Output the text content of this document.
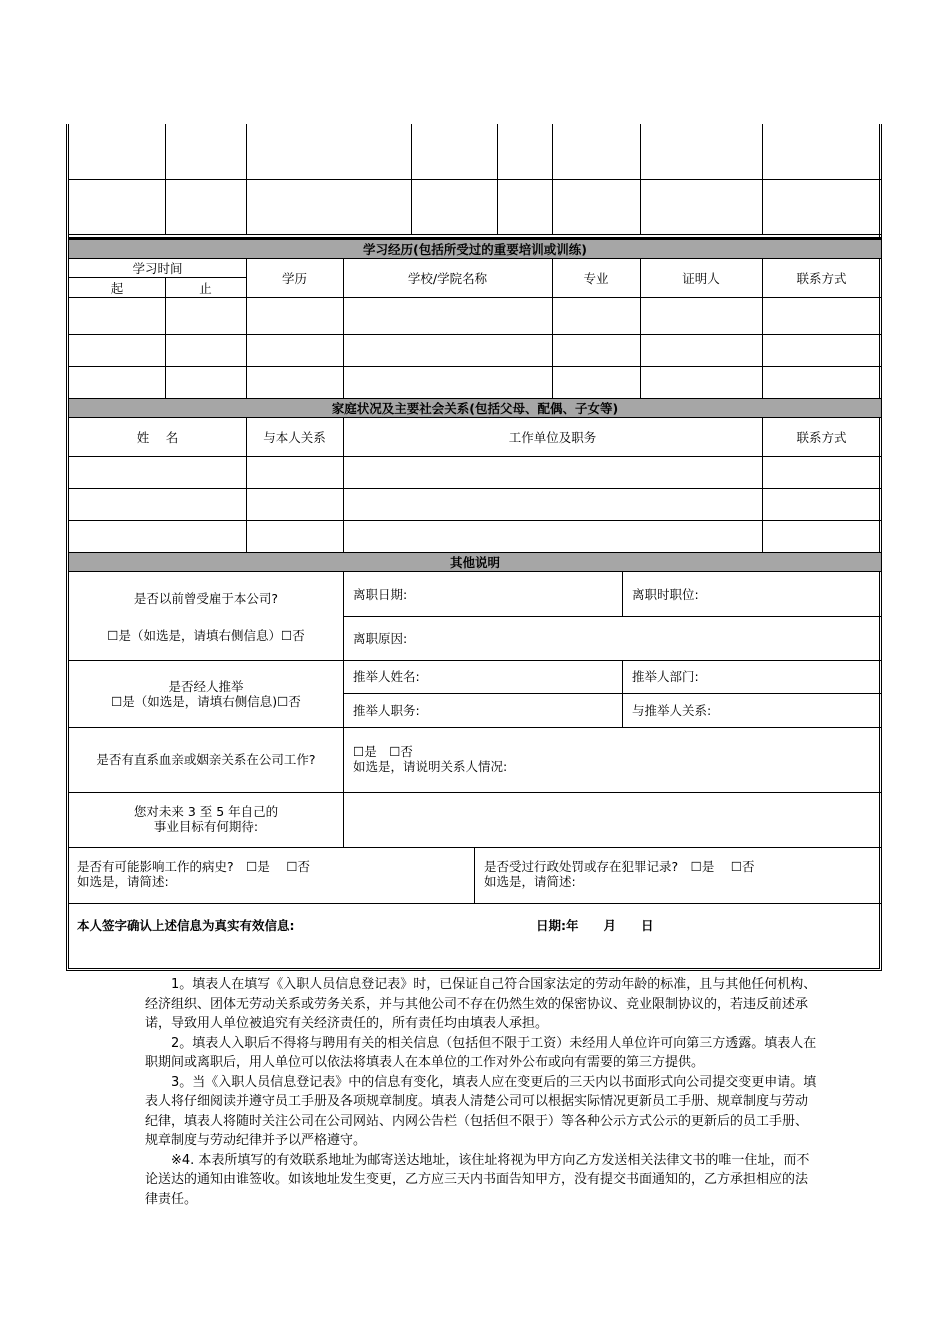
学习经历(包括所受过的重要培训或训练)
学习时间
起	止
学历	学校/学院名称	专业	证明人	联系方式
家庭状况及主要社会关系(包括父母、配偶、子女等)
姓　 名	与本人关系	工作单位及职务	联系方式
其他说明
是否以前曾受雇于本公司?
☐是（如选是，请填右侧信息）☐否
离职日期:	离职时职位:
离职原因:
是否经人推举
☐是（如选是，请填右侧信息)☐否
推举人姓名:	推举人部门:
推举人职务:	与推举人关系:
是否有直系血亲或姻亲关系在公司工作?
☐是　☐否
如选是，请说明关系人情况:
您对未来 3 至 5 年自己的
事业目标有何期待:
是否有可能影响工作的病史?　☐是　 ☐否
如选是，请简述:
是否受过行政处罚或存在犯罪记录?　☐是　 ☐否
如选是，请简述:
本人签字确认上述信息为真实有效信息:	日期:年　　月　　日

1。填表人在填写《入职人员信息登记表》时，已保证自己符合国家法定的劳动年龄的标准，且与其他任何机构、经济组织、团体无劳动关系或劳务关系，并与其他公司不存在仍然生效的保密协议、竞业限制协议的，若违反前述承诺，导致用人单位被追究有关经济责任的，所有责任均由填表人承担。

2。填表人入职后不得将与聘用有关的相关信息（包括但不限于工资）未经用人单位许可向第三方透露。填表人在职期间或离职后，用人单位可以依法将填表人在本单位的工作对外公布或向有需要的第三方提供。

3。当《入职人员信息登记表》中的信息有变化，填表人应在变更后的三天内以书面形式向公司提交变更申请。填表人将仔细阅读并遵守员工手册及各项规章制度。填表人清楚公司可以根据实际情况更新员工手册、规章制度与劳动纪律，填表人将随时关注公司在公司网站、内网公告栏（包括但不限于）等各种公示方式公示的更新后的员工手册、规章制度与劳动纪律并予以严格遵守。

※4. 本表所填写的有效联系地址为邮寄送达地址，该住址将视为甲方向乙方发送相关法律文书的唯一住址，而不论送达的通知由谁签收。如该地址发生变更，乙方应三天内书面告知甲方，没有提交书面通知的，乙方承担相应的法律责任。
